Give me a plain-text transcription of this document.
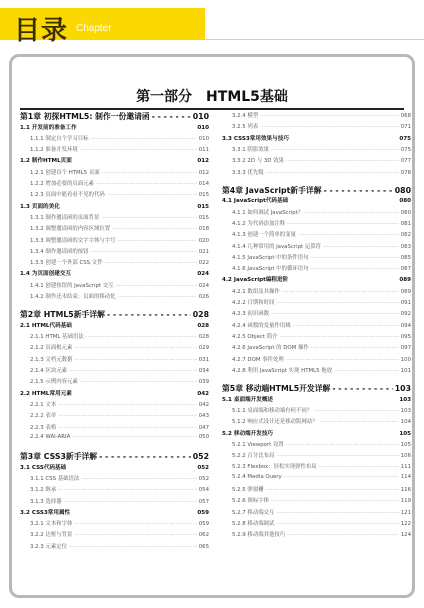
目录 Chapter
第一部分　HTML5基础
第1章 初探HTML5: 制作一份邀请函 - - -	010
1.1 开发前的准备工作	010
1.1.1 制定自个学习目标 ·····	010
1.1.2 准备开发环境 ·····	011
1.2 制作HTML页面	012
1.2.1 创建首个 HTML5 页面 ·····	012
1.2.2 增加必要的页面元素 ·····	014
1.2.3 页面中能看看不见的代码 ·····	015
1.3 页面的美化	015
1.3.1 制作邀请函的页面背景 ·····	015
1.3.2 调整邀请函的内容区域位置 ·····	018
1.3.3 调整邀请函的文字字体与字号 ·····	020
1.3.4 制作邀请函的按钮 ·····	021
1.3.5 创建一个外部 CSS 文件 ·····	022
1.4 为页面创建交互	024
1.4.1 创建按钮的 JavaScript 交互 ·····	024
1.4.2 制作还未结束：页面的移动化 ·····	026
第2章 HTML5新手详解 - - -	028
2.1 HTML代码基础	028
2.1.1 HTML 基础语法 ·····	028
2.1.2 页面根元素 ·····	029
2.1.3 文档元数据 ·····	031
2.1.4 区块元素 ·····	034
2.1.5 示例内容元素 ·····	039
2.2 HTML常用元素	042
2.2.1 文本 ·····	042
2.2.2 表单 ·····	043
2.2.3 表格 ·····	047
2.2.4 WAI-ARIA ·····	050
第3章 CSS3新手详解 - - -	052
3.1 CSS代码基础	052
3.1.1 CSS 基础语法 ·····	052
3.1.2 继承 ·····	054
3.1.3 选择器 ·····	057
3.2 CSS3常用属性	059
3.2.1 文本和字体 ·····	059
3.2.2 边框与背景 ·····	062
3.2.3 元素定位 ·····	065
3.2.4 模型 ·····	068
3.2.5 列表 ·····	071
3.3 CSS3常用效果与技巧	075
3.3.1 阴影效果 ·····	075
3.3.2 2D 与 3D 效果 ·····	077
3.3.3 优先级 ·····	078
第4章 JavaScript新手详解 - - -	080
4.1 JavaScript代码基础	080
4.1.1 如何调试 JavaScript？ ·····	080
4.1.2 为代码添加注释 ·····	081
4.1.3 创建一个简单的变量 ·····	082
4.1.4 几种常用的 JavaScript 运算符 ·····	083
4.1.5 JavaScript 中的条件语句 ·····	085
4.1.6 JavaScript 中的循环语句 ·····	087
4.2 JavaScript编程进阶	089
4.2.1 数组及其操作 ·····	089
4.2.2 日期和时间 ·····	091
4.2.3 初识函数 ·····	092
4.2.4 函数的变量作用域 ·····	094
4.2.5 Object 简介 ·····	095
4.2.6 JavaScript 的 DOM 操作 ·····	097
4.2.7 DOM 事件处理 ·····	100
4.2.8 利用 JavaScript 实现 HTML5 拖放 ·····	101
第5章 移动端HTML5开发详解 - - -	103
5.1 桌面端开发概述	103
5.1.1 桌面端和移动端有何不同？ ·····	103
5.1.2 响应式设计还是移动版网站？ ·····	104
5.2 移动端开发技巧	105
5.2.1 Viewport 设置 ·····	105
5.2.2 百分比布局 ·····	106
5.2.3 Flexbox：轻松实现弹性布局 ·····	111
5.2.4 Media Query ·····	114
5.2.5 弹窗栅 ·····	116
5.2.6 图标字体 ·····	119
5.2.7 移动端交互 ·····	121
5.2.8 移动端调试 ·····	122
5.2.9 移动端其他技巧 ·····	124
